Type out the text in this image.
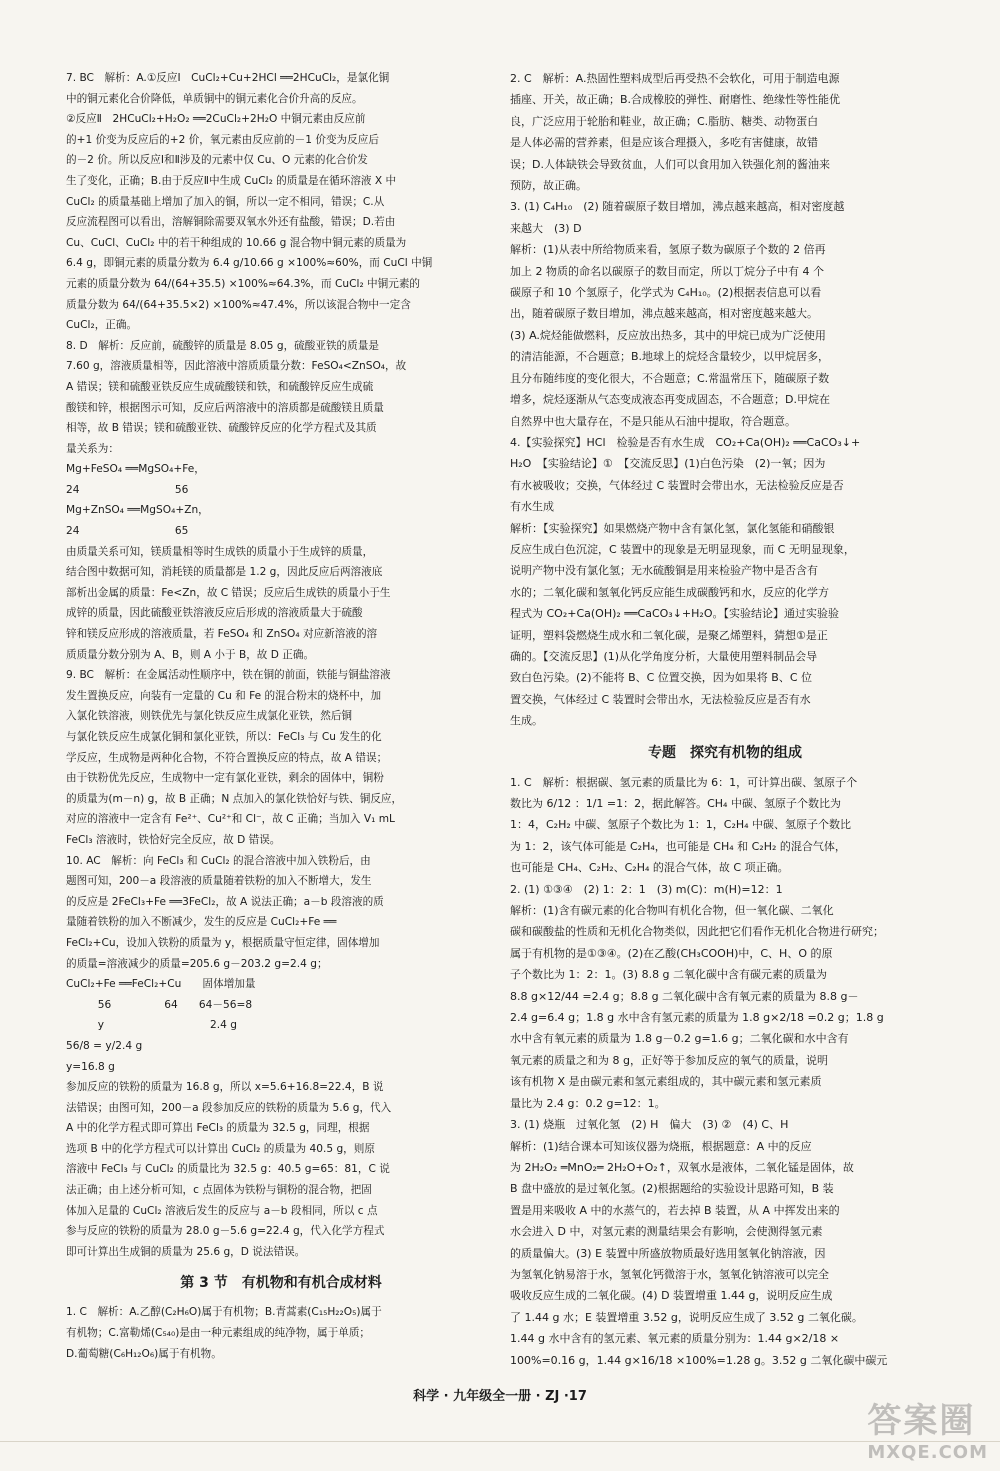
7. BC　解析：A.①反应Ⅰ　CuCl₂+Cu+2HCl ══2HCuCl₂，是氯化铜
中的铜元素化合价降低，单质铜中的铜元素化合价升高的反应。
②反应Ⅱ　2HCuCl₂+H₂O₂ ══2CuCl₂+2H₂O 中铜元素由反应前
的+1 价变为反应后的+2 价，氧元素由反应前的－1 价变为反应后
的－2 价。所以反应Ⅰ和Ⅱ涉及的元素中仅 Cu、O 元素的化合价发
生了变化，正确；B.由于反应Ⅱ中生成 CuCl₂ 的质量是在循环溶液 X 中
CuCl₂ 的质量基础上增加了加入的铜，所以一定不相同，错误；C.从
反应流程图可以看出，溶解铜除需要双氧水外还有盐酸，错误；D.若由
Cu、CuCl、CuCl₂ 中的若干种组成的 10.66 g 混合物中铜元素的质量为
6.4 g，即铜元素的质量分数为 6.4 g/10.66 g ×100%≈60%，而 CuCl 中铜
元素的质量分数为 64/(64+35.5) ×100%≈64.3%，而 CuCl₂ 中铜元素的
质量分数为 64/(64+35.5×2) ×100%≈47.4%，所以该混合物中一定含
CuCl₂，正确。
8. D　解析：反应前，硫酸锌的质量是 8.05 g，硫酸亚铁的质量是
7.60 g，溶液质量相等，因此溶液中溶质质量分数：FeSO₄<ZnSO₄，故
A 错误；镁和硫酸亚铁反应生成硫酸镁和铁，和硫酸锌反应生成硫
酸镁和锌，根据图示可知，反应后两溶液中的溶质都是硫酸镁且质量
相等，故 B 错误；镁和硫酸亚铁、硫酸锌反应的化学方程式及其质
量关系为：
Mg+FeSO₄ ══MgSO₄+Fe，
24　　　　　　　　　56
Mg+ZnSO₄ ══MgSO₄+Zn，
24　　　　　　　　　65
由质量关系可知，镁质量相等时生成铁的质量小于生成锌的质量，
结合图中数据可知，消耗镁的质量都是 1.2 g，因此反应后两溶液底
部析出金属的质量：Fe<Zn，故 C 错误；反应后生成铁的质量小于生
成锌的质量，因此硫酸亚铁溶液反应后形成的溶液质量大于硫酸
锌和镁反应形成的溶液质量，若 FeSO₄ 和 ZnSO₄ 对应新溶液的溶
质质量分数分别为 A、B，则 A 小于 B，故 D 正确。
9. BC　解析：在金属活动性顺序中，铁在铜的前面，铁能与铜盐溶液
发生置换反应，向装有一定量的 Cu 和 Fe 的混合粉末的烧杯中，加
入氯化铁溶液，则铁优先与氯化铁反应生成氯化亚铁，然后铜
与氯化铁反应生成氯化铜和氯化亚铁，所以：FeCl₃ 与 Cu 发生的化
学反应，生成物是两种化合物，不符合置换反应的特点，故 A 错误；
由于铁粉优先反应，生成物中一定有氯化亚铁，剩余的固体中，铜粉
的质量为(m－n) g，故 B 正确；N 点加入的氯化铁恰好与铁、铜反应，
对应的溶液中一定含有 Fe²⁺、Cu²⁺和 Cl⁻，故 C 正确；当加入 V₁ mL
FeCl₃ 溶液时，铁恰好完全反应，故 D 错误。
10. AC　解析：向 FeCl₃ 和 CuCl₂ 的混合溶液中加入铁粉后，由
题图可知，200－a 段溶液的质量随着铁粉的加入不断增大，发生
的反应是 2FeCl₃+Fe ══3FeCl₂，故 A 说法正确；a－b 段溶液的质
量随着铁粉的加入不断减少，发生的反应是 CuCl₂+Fe ══
FeCl₂+Cu，设加入铁粉的质量为 y，根据质量守恒定律，固体增加
的质量=溶液减少的质量=205.6 g－203.2 g=2.4 g；
CuCl₂+Fe ══FeCl₂+Cu　　固体增加量
　　　56　　　　　64　　64－56=8
　　　y　　　　　　　　　　2.4 g
56/8 = y/2.4 g
y=16.8 g
参加反应的铁粉的质量为 16.8 g，所以 x=5.6+16.8=22.4，B 说
法错误；由图可知，200－a 段参加反应的铁粉的质量为 5.6 g，代入
A 中的化学方程式即可算出 FeCl₃ 的质量为 32.5 g，同理，根据
选项 B 中的化学方程式可以计算出 CuCl₂ 的质量为 40.5 g，则原
溶液中 FeCl₃ 与 CuCl₂ 的质量比为 32.5 g：40.5 g=65：81，C 说
法正确；由上述分析可知，c 点固体为铁粉与铜粉的混合物，把固
体加入足量的 CuCl₂ 溶液后发生的反应与 a－b 段相同，所以 c 点
参与反应的铁粉的质量为 28.0 g－5.6 g=22.4 g，代入化学方程式
即可计算出生成铜的质量为 25.6 g，D 说法错误。
第 3 节　有机物和有机合成材料
1. C　解析：A.乙醇(C₂H₆O)属于有机物；B.青蒿素(C₁₅H₂₂O₅)属于
有机物；C.富勒烯(C₅₄₀)是由一种元素组成的纯净物，属于单质；
D.葡萄糖(C₆H₁₂O₆)属于有机物。
2. C　解析：A.热固性塑料成型后再受热不会软化，可用于制造电源
插座、开关，故正确；B.合成橡胶的弹性、耐磨性、绝缘性等性能优
良，广泛应用于轮胎和鞋业，故正确；C.脂肪、糖类、动物蛋白
是人体必需的营养素，但是应该合理摄入，多吃有害健康，故错
误；D.人体缺铁会导致贫血，人们可以食用加入铁强化剂的酱油来
预防，故正确。
3. (1) C₄H₁₀　(2) 随着碳原子数目增加，沸点越来越高，相对密度越
来越大　(3) D
解析：(1)从表中所给物质来看，氢原子数为碳原子个数的 2 倍再
加上 2 物质的命名以碳原子的数目而定，所以丁烷分子中有 4 个
碳原子和 10 个氢原子，化学式为 C₄H₁₀。(2)根据表信息可以看
出，随着碳原子数目增加，沸点越来越高，相对密度越来越大。
(3) A.烷烃能做燃料，反应放出热多，其中的甲烷已成为广泛使用
的清洁能源，不合题意；B.地球上的烷烃含量较少，以甲烷居多，
且分布随纬度的变化很大，不合题意；C.常温常压下，随碳原子数
增多，烷烃逐渐从气态变成液态再变成固态，不合题意；D.甲烷在
自然界中也大量存在，不是只能从石油中提取，符合题意。
4.【实验探究】HCl　检验是否有水生成　CO₂+Ca(OH)₂ ══CaCO₃↓+
H₂O　【实验结论】①　【交流反思】(1)白色污染　(2)一氧；因为
有水被吸收；交换，气体经过 C 装置时会带出水，无法检验反应是否
有水生成
解析：【实验探究】如果燃烧产物中含有氯化氢，氯化氢能和硝酸银
反应生成白色沉淀，C 装置中的现象是无明显现象，而 C 无明显现象，
说明产物中没有氯化氢；无水硫酸铜是用来检验产物中是否含有
水的；二氧化碳和氢氧化钙反应能生成碳酸钙和水，反应的化学方
程式为 CO₂+Ca(OH)₂ ══CaCO₃↓+H₂O。【实验结论】通过实验验
证明，塑料袋燃烧生成水和二氧化碳，是聚乙烯塑料，猜想①是正
确的。【交流反思】(1)从化学角度分析，大量使用塑料制品会导
致白色污染。(2)不能将 B、C 位置交换，因为如果将 B、C 位
置交换，气体经过 C 装置时会带出水，无法检验反应是否有水
生成。
专题　探究有机物的组成
1. C　解析：根据碳、氢元素的质量比为 6：1，可计算出碳、氢原子个
数比为 6/12 ：1/1 =1：2，据此解答。CH₄ 中碳、氢原子个数比为
1：4，C₂H₂ 中碳、氢原子个数比为 1：1，C₂H₄ 中碳、氢原子个数比
为 1：2，该气体可能是 C₂H₄，也可能是 CH₄ 和 C₂H₂ 的混合气体，
也可能是 CH₄、C₂H₂、C₂H₄ 的混合气体，故 C 项正确。
2. (1) ①③④　(2) 1：2：1　(3) m(C)：m(H)=12：1
解析：(1)含有碳元素的化合物叫有机化合物，但一氧化碳、二氧化
碳和碳酸盐的性质和无机化合物类似，因此把它们看作无机化合物进行研究；
属于有机物的是①③④。(2)在乙酸(CH₃COOH)中，C、H、O 的原
子个数比为 1：2：1。(3) 8.8 g 二氧化碳中含有碳元素的质量为
8.8 g×12/44 =2.4 g；8.8 g 二氧化碳中含有氧元素的质量为 8.8 g－
2.4 g=6.4 g；1.8 g 水中含有氢元素的质量为 1.8 g×2/18 =0.2 g；1.8 g
水中含有氧元素的质量为 1.8 g－0.2 g=1.6 g；二氧化碳和水中含有
氧元素的质量之和为 8 g，正好等于参加反应的氧气的质量，说明
该有机物 X 是由碳元素和氢元素组成的，其中碳元素和氢元素质
量比为 2.4 g：0.2 g=12：1。
3. (1) 烧瓶　过氧化氢　(2) H　偏大　(3) ②　(4) C、H
解析：(1)结合课本可知该仪器为烧瓶，根据题意：A 中的反应
为 2H₂O₂ ═MnO₂═ 2H₂O+O₂↑，双氧水是液体，二氧化锰是固体，故
B 盘中盛放的是过氧化氢。(2)根据题给的实验设计思路可知，B 装
置是用来吸收 A 中的水蒸气的，若去掉 B 装置，从 A 中挥发出来的
水会进入 D 中，对氢元素的测量结果会有影响，会使测得氢元素
的质量偏大。(3) E 装置中所盛放物质最好选用氢氧化钠溶液，因
为氢氧化钠易溶于水，氢氧化钙微溶于水，氢氧化钠溶液可以完全
吸收反应生成的二氧化碳。(4) D 装置增重 1.44 g，说明反应生成
了 1.44 g 水；E 装置增重 3.52 g，说明反应生成了 3.52 g 二氧化碳。
1.44 g 水中含有的氢元素、氧元素的质量分别为：1.44 g×2/18 ×
100%=0.16 g，1.44 g×16/18 ×100%=1.28 g。3.52 g 二氧化碳中碳元
科学 · 九年级全一册 · ZJ ·17
答案圈
MXQE.COM
